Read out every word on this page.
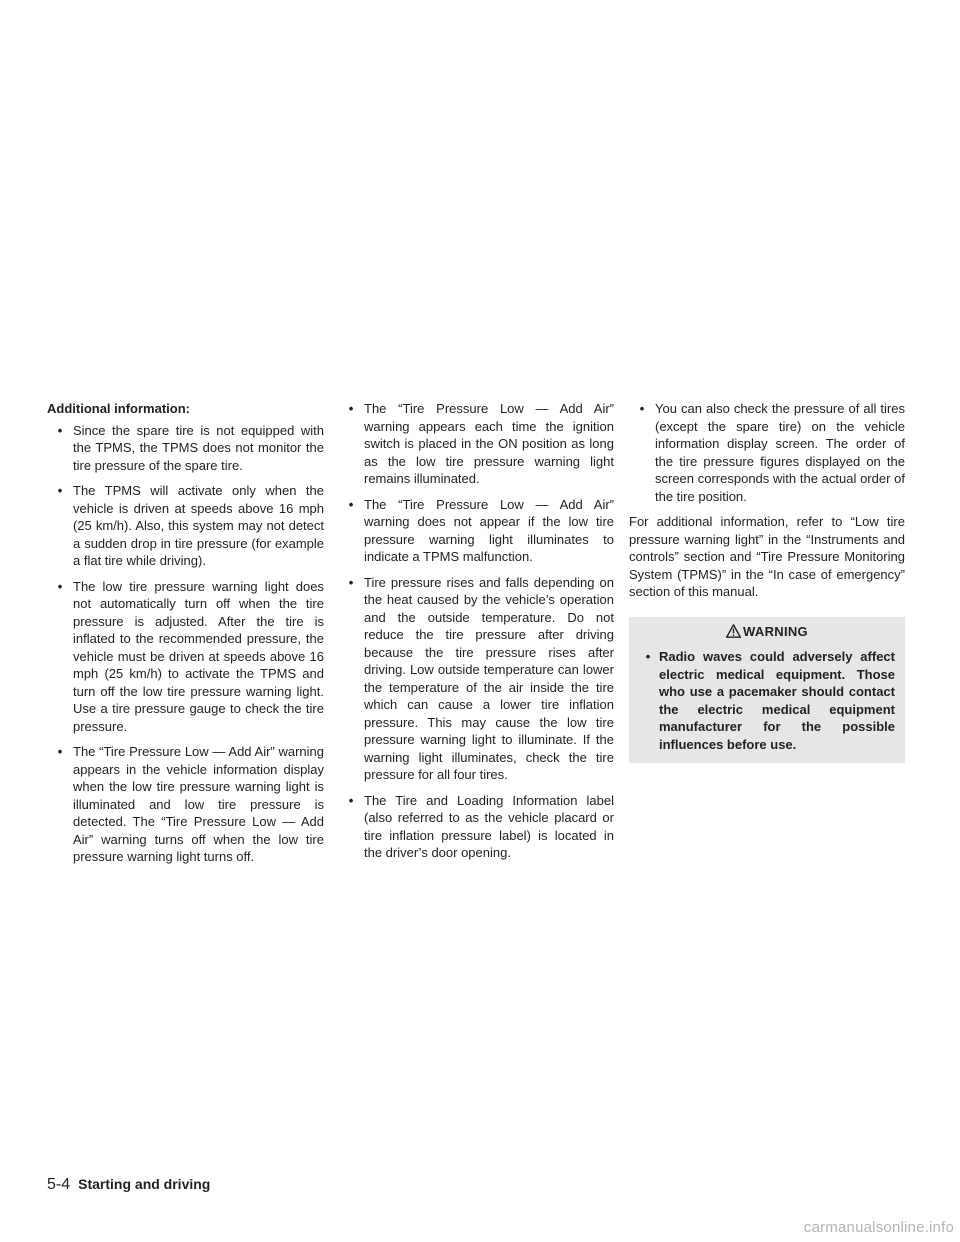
Additional information:
• Since the spare tire is not equipped with the TPMS, the TPMS does not monitor the tire pressure of the spare tire.
• The TPMS will activate only when the vehicle is driven at speeds above 16 mph (25 km/h). Also, this system may not detect a sudden drop in tire pressure (for example a flat tire while driving).
• The low tire pressure warning light does not automatically turn off when the tire pressure is adjusted. After the tire is inflated to the recommended pressure, the vehicle must be driven at speeds above 16 mph (25 km/h) to activate the TPMS and turn off the low tire pressure warning light. Use a tire pressure gauge to check the tire pressure.
• The “Tire Pressure Low — Add Air” warning appears in the vehicle information display when the low tire pressure warning light is illuminated and low tire pressure is detected. The “Tire Pressure Low — Add Air” warning turns off when the low tire pressure warning light turns off.
• The “Tire Pressure Low — Add Air” warning appears each time the ignition switch is placed in the ON position as long as the low tire pressure warning light remains illuminated.
• The “Tire Pressure Low — Add Air” warning does not appear if the low tire pressure warning light illuminates to indicate a TPMS malfunction.
• Tire pressure rises and falls depending on the heat caused by the vehicle’s operation and the outside temperature. Do not reduce the tire pressure after driving because the tire pressure rises after driving. Low outside temperature can lower the temperature of the air inside the tire which can cause a lower tire inflation pressure. This may cause the low tire pressure warning light to illuminate. If the warning light illuminates, check the tire pressure for all four tires.
• The Tire and Loading Information label (also referred to as the vehicle placard or tire inflation pressure label) is located in the driver’s door opening.
• You can also check the pressure of all tires (except the spare tire) on the vehicle information display screen. The order of the tire pressure figures displayed on the screen corresponds with the actual order of the tire position.

For additional information, refer to “Low tire pressure warning light” in the “Instruments and controls” section and “Tire Pressure Monitoring System (TPMS)” in the “In case of emergency” section of this manual.

WARNING
• Radio waves could adversely affect electric medical equipment. Those who use a pacemaker should contact the electric medical equipment manufacturer for the possible influences before use.
5-4 Starting and driving
carmanualsonline.info
